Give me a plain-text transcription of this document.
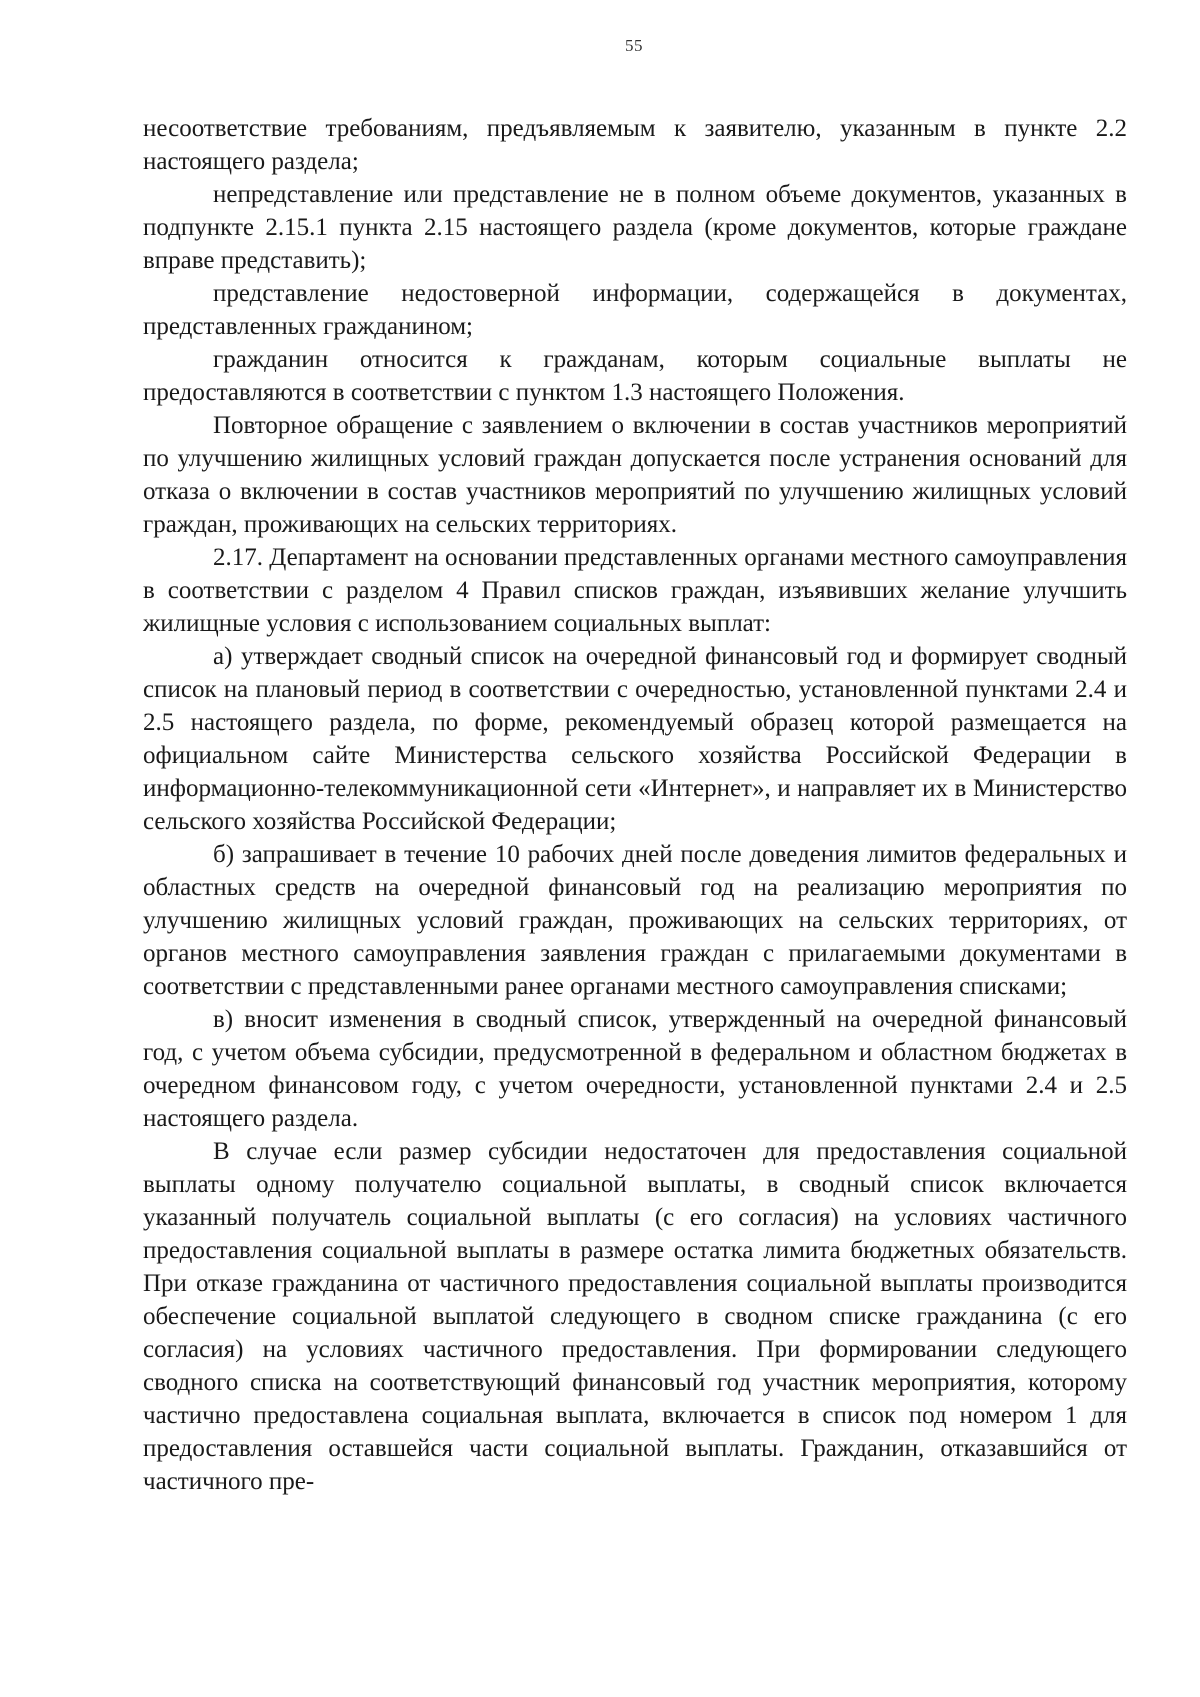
55

несоответствие требованиям, предъявляемым к заявителю, указанным в пункте 2.2 настоящего раздела;

непредставление или представление не в полном объеме документов, указанных в подпункте 2.15.1 пункта 2.15 настоящего раздела (кроме документов, которые граждане вправе представить);

представление недостоверной информации, содержащейся в документах, представленных гражданином;

гражданин относится к гражданам, которым социальные выплаты не предоставляются в соответствии с пунктом 1.3 настоящего Положения.

Повторное обращение с заявлением о включении в состав участников мероприятий по улучшению жилищных условий граждан допускается после устранения оснований для отказа о включении в состав участников мероприятий по улучшению жилищных условий граждан, проживающих на сельских территориях.

2.17. Департамент на основании представленных органами местного самоуправления в соответствии с разделом 4 Правил списков граждан, изъявивших желание улучшить жилищные условия с использованием социальных выплат:

а) утверждает сводный список на очередной финансовый год и формирует сводный список на плановый период в соответствии с очередностью, установленной пунктами 2.4 и 2.5 настоящего раздела, по форме, рекомендуемый образец которой размещается на официальном сайте Министерства сельского хозяйства Российской Федерации в информационно-телекоммуникационной сети «Интернет», и направляет их в Министерство сельского хозяйства Российской Федерации;

б) запрашивает в течение 10 рабочих дней после доведения лимитов федеральных и областных средств на очередной финансовый год на реализацию мероприятия по улучшению жилищных условий граждан, проживающих на сельских территориях, от органов местного самоуправления заявления граждан с прилагаемыми документами в соответствии с представленными ранее органами местного самоуправления списками;

в) вносит изменения в сводный список, утвержденный на очередной финансовый год, с учетом объема субсидии, предусмотренной в федеральном и областном бюджетах в очередном финансовом году, с учетом очередности, установленной пунктами 2.4 и 2.5 настоящего раздела.

В случае если размер субсидии недостаточен для предоставления социальной выплаты одному получателю социальной выплаты, в сводный список включается указанный получатель социальной выплаты (с его согласия) на условиях частичного предоставления социальной выплаты в размере остатка лимита бюджетных обязательств. При отказе гражданина от частичного предоставления социальной выплаты производится обеспечение социальной выплатой следующего в сводном списке гражданина (с его согласия) на условиях частичного предоставления. При формировании следующего сводного списка на соответствующий финансовый год участник мероприятия, которому частично предоставлена социальная выплата, включается в список под номером 1 для предоставления оставшейся части социальной выплаты. Гражданин, отказавшийся от частичного пре-
